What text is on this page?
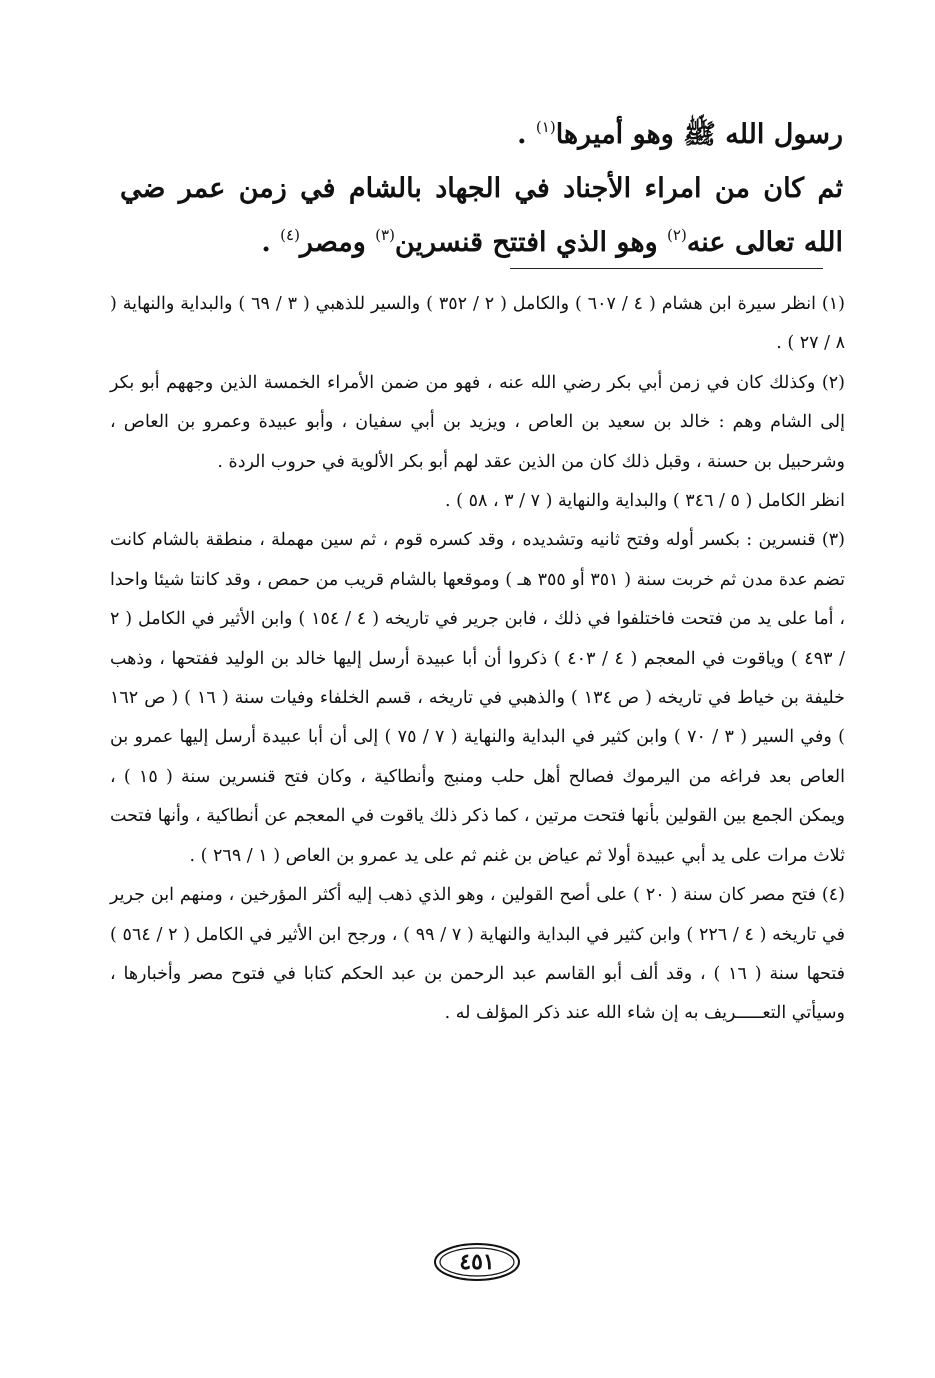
رسول الله ﷺ وهو أميرها$^{(١)}$ .

ثم كان من امراء الأجناد في الجهاد بالشام في زمن عمر ضي الله تعالى عنه$^{(٢)}$ وهو الذي افتتح قنسرين$^{(٣)}$ ومصر$^{(٤)}$ .

(١) انظر سيرة ابن هشام ( ٤ / ٦٠٧ ) والكامل ( ٢ / ٣٥٢ ) والسير للذهبي ( ٣ / ٦٩ ) والبداية والنهاية ( ٨ / ٢٧ ) .

(٢) وكذلك كان في زمن أبي بكر رضي الله عنه ، فهو من ضمن الأمراء الخمسة الذين وجههم أبو بكر إلى الشام وهم : خالد بن سعيد بن العاص ، ويزيد بن أبي سفيان ، وأبو عبيدة وعمرو بن العاص ، وشرحبيل بن حسنة ، وقبل ذلك كان من الذين عقد لهم أبو بكر الألوية في حروب الردة .

انظر الكامل ( ٥ / ٣٤٦ ) والبداية والنهاية ( ٧ / ٣ ، ٥٨ ) .

(٣) قنسرين : بكسر أوله وفتح ثانيه وتشديده ، وقد كسره قوم ، ثم سين مهملة ، منطقة بالشام كانت تضم عدة مدن ثم خربت سنة ( ٣٥١ أو ٣٥٥ هـ ) وموقعها بالشام قريب من حمص ، وقد كانتا شيئا واحدا ، أما على يد من فتحت فاختلفوا في ذلك ، فابن جرير في تاريخه ( ٤ / ١٥٤ ) وابن الأثير في الكامل ( ٢ / ٤٩٣ ) وياقوت في المعجم ( ٤ / ٤٠٣ ) ذكروا أن أبا عبيدة أرسل إليها خالد بن الوليد ففتحها ، وذهب خليفة بن خياط في تاريخه ( ص ١٣٤ ) والذهبي في تاريخه ، قسم الخلفاء وفيات سنة ( ١٦ ) ( ص ١٦٢ ) وفي السير ( ٣ / ٧٠ ) وابن كثير في البداية والنهاية ( ٧ / ٧٥ ) إلى أن أبا عبيدة أرسل إليها عمرو بن العاص بعد فراغه من اليرموك فصالح أهل حلب ومنبج وأنطاكية ، وكان فتح قنسرين سنة ( ١٥ ) ، ويمكن الجمع بين القولين بأنها فتحت مرتين ، كما ذكر ذلك ياقوت في المعجم عن أنطاكية ، وأنها فتحت ثلاث مرات على يد أبي عبيدة أولا ثم عياض بن غنم ثم على يد عمرو بن العاص ( ١ / ٢٦٩ ) .

(٤) فتح مصر كان سنة ( ٢٠ ) على أصح القولين ، وهو الذي ذهب إليه أكثر المؤرخين ، ومنهم ابن جرير في تاريخه ( ٤ / ٢٢٦ ) وابن كثير في البداية والنهاية ( ٧ / ٩٩ ) ، ورجح ابن الأثير في الكامل ( ٢ / ٥٦٤ ) فتحها سنة ( ١٦ ) ، وقد ألف أبو القاسم عبد الرحمن بن عبد الحكم كتابا في فتوح مصر وأخبارها ، وسيأتي التعـــــريف به إن شاء الله عند ذكر المؤلف له .

٤٥١
